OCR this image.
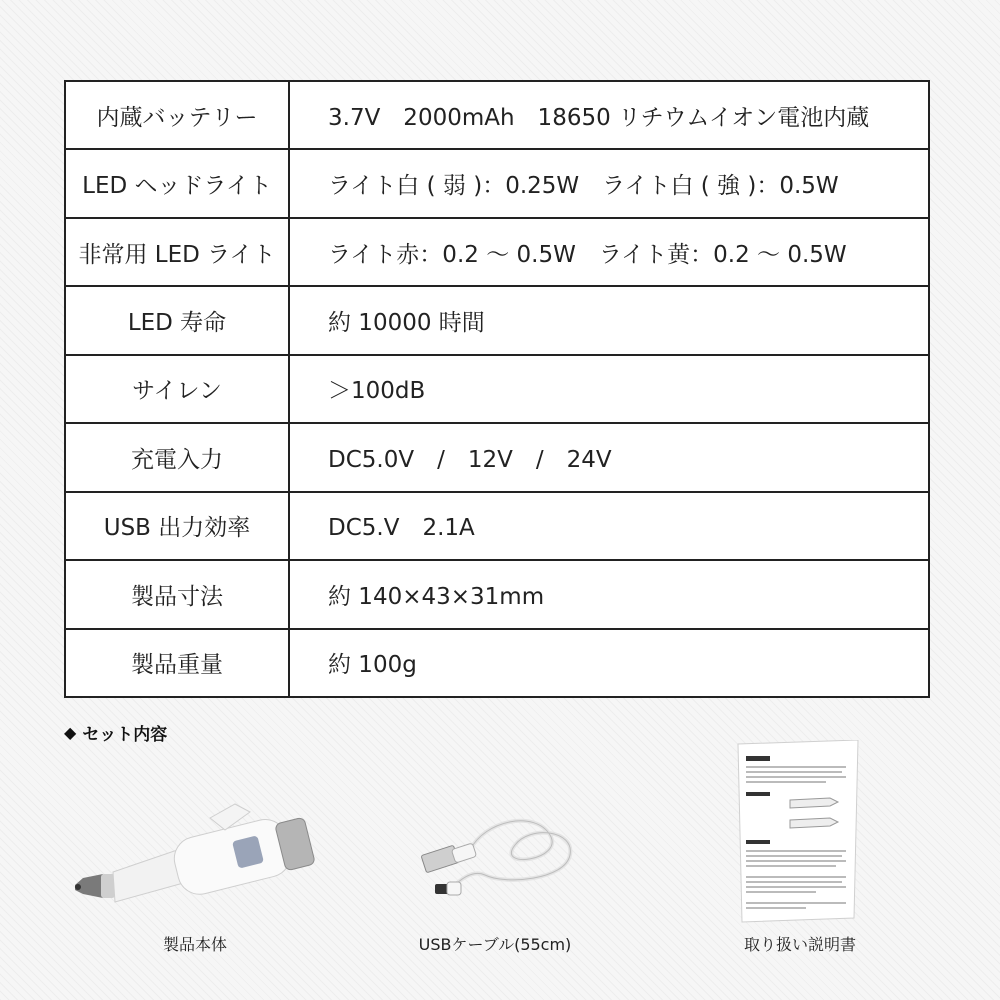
内蔵バッテリー	3.7V　2000mAh　18650 リチウムイオン電池内蔵
LED ヘッドライト	ライト白 ( 弱 )：0.25W　ライト白 ( 強 )：0.5W
非常用 LED ライト	ライト赤：0.2 ～ 0.5W　ライト黄：0.2 ～ 0.5W
LED 寿命	約 10000 時間
サイレン	＞100dB
充電入力	DC5.0V　/　12V　/　24V
USB 出力効率	DC5.V　2.1A
製品寸法	約 140×43×31mm
製品重量	約 100g
◆ セット内容
製品本体	USBケーブル(55cm)	取り扱い説明書
